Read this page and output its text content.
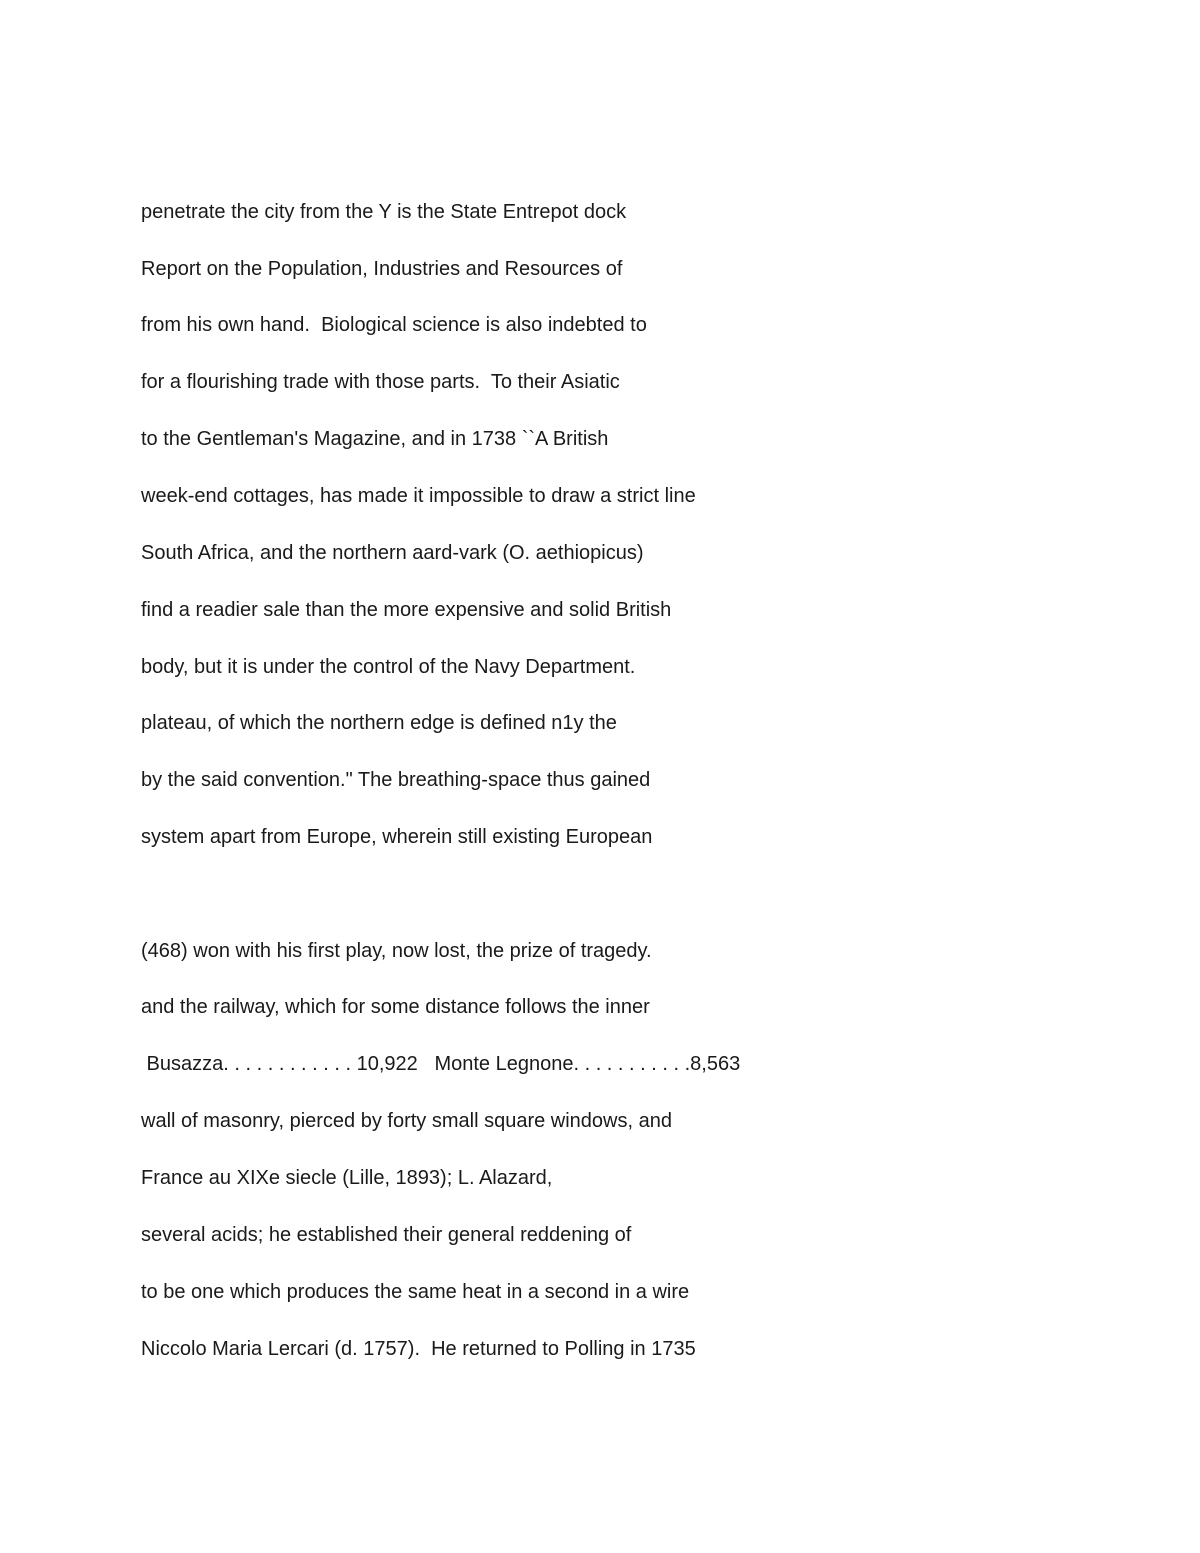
penetrate the city from the Y is the State Entrepot dock

Report on the Population, Industries and Resources of

from his own hand.  Biological science is also indebted to

for a flourishing trade with those parts.  To their Asiatic

to the Gentleman's Magazine, and in 1738 ``A British

week-end cottages, has made it impossible to draw a strict line

South Africa, and the northern aard-vark (O. aethiopicus)

find a readier sale than the more expensive and solid British

body, but it is under the control of the Navy Department.

plateau, of which the northern edge is defined n1y the

by the said convention." The breathing-space thus gained

system apart from Europe, wherein still existing European

(468) won with his first play, now lost, the prize of tragedy.

and the railway, which for some distance follows the inner

Busazza. . . . . . . . . . . . 10,922   Monte Legnone. . . . . . . . . . .8,563

wall of masonry, pierced by forty small square windows, and

France au XIXe siecle (Lille, 1893); L. Alazard,

several acids; he established their general reddening of

to be one which produces the same heat in a second in a wire

Niccolo Maria Lercari (d. 1757).  He returned to Polling in 1735
